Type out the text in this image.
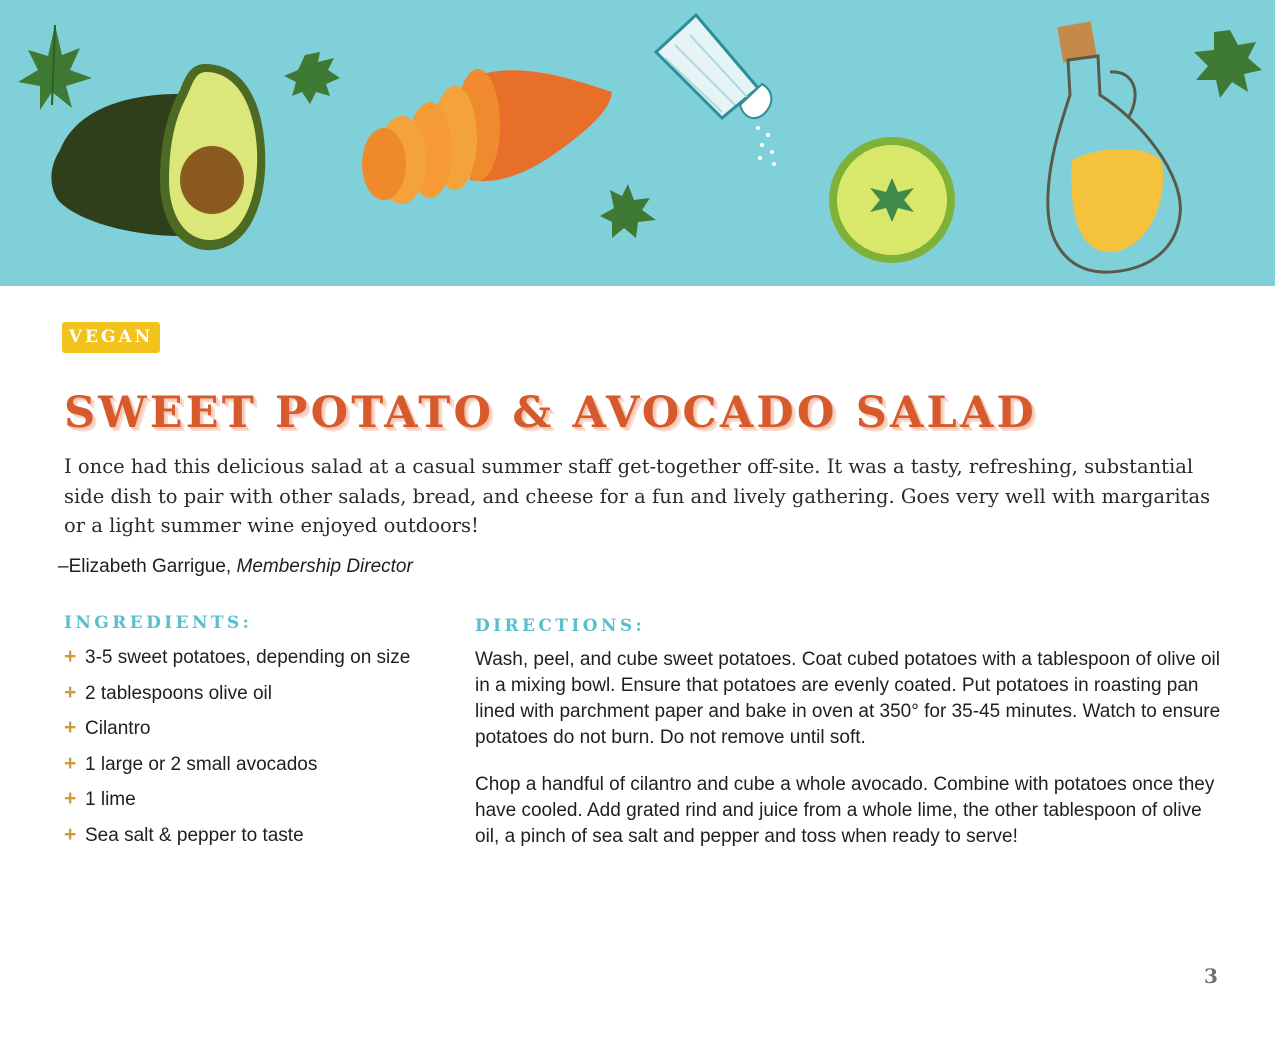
VEGAN
SWEET POTATO & AVOCADO SALAD

I once had this delicious salad at a casual summer staff get-together off-site. It was a tasty, refreshing, substantial side dish to pair with other salads, bread, and cheese for a fun and lively gathering. Goes very well with margaritas or a light summer wine enjoyed outdoors!

–Elizabeth Garrigue, Membership Director
INGREDIENTS:
+ 3-5 sweet potatoes, depending on size
+ 2 tablespoons olive oil
+ Cilantro
+ 1 large or 2 small avocados
+ 1 lime
+ Sea salt & pepper to taste
DIRECTIONS:

Wash, peel, and cube sweet potatoes. Coat cubed potatoes with a tablespoon of olive oil in a mixing bowl. Ensure that potatoes are evenly coated. Put potatoes in roasting pan lined with parchment paper and bake in oven at 350° for 35-45 minutes. Watch to ensure potatoes do not burn. Do not remove until soft.

Chop a handful of cilantro and cube a whole avocado. Combine with potatoes once they have cooled. Add grated rind and juice from a whole lime, the other tablespoon of olive oil, a pinch of sea salt and pepper and toss when ready to serve!

3
